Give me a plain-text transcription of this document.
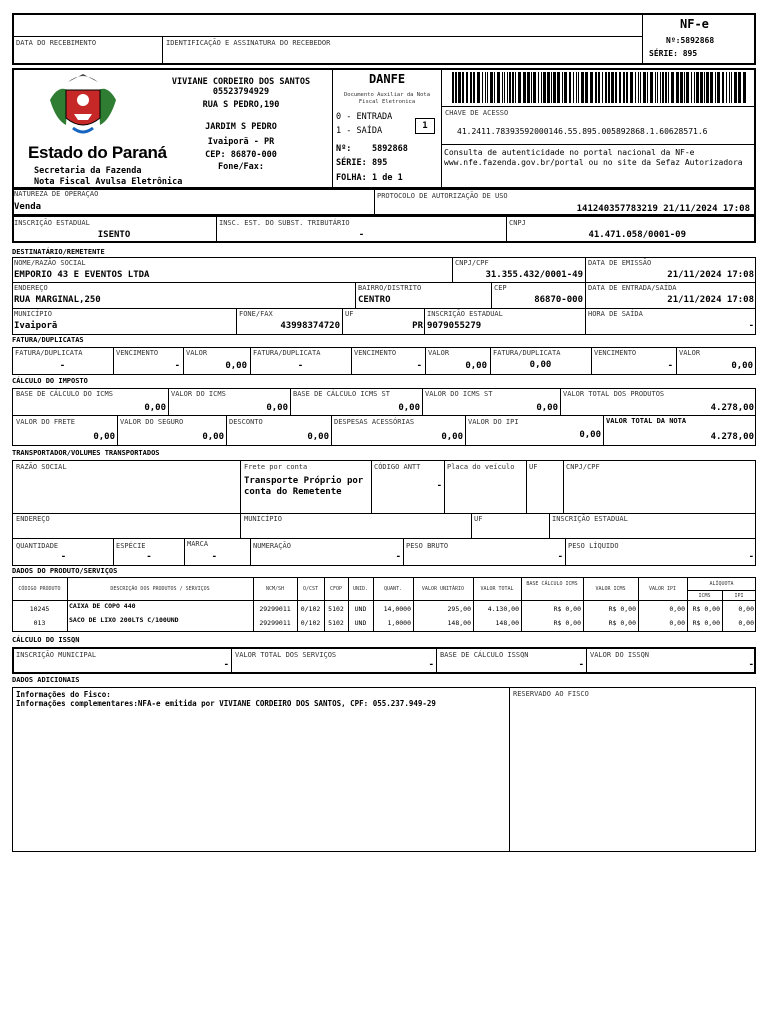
DATA DO RECEBIMENTO	IDENTIFICAÇÃO E ASSINATURA DO RECEBEDOR
NF-e
Nº:5892868
SÉRIE: 895
Estado do Paraná
Secretaria da Fazenda
Nota Fiscal Avulsa Eletrônica
VIVIANE CORDEIRO DOS SANTOS
05523794929
RUA S PEDRO,190
JARDIM S PEDRO
Ivaiporã - PR
CEP: 86870-000
Fone/Fax:
DANFE
Documento Auxiliar da Nota Fiscal Eletronica
0 - ENTRADA
1 - SAÍDA	1
Nº: 5892868
SÉRIE: 895
FOLHA: 1 de 1
CHAVE DE ACESSO
41.2411.78393592000146.55.895.005892868.1.60628571.6
Consulta de autenticidade no portal nacional da NF-e www.nfe.fazenda.gov.br/portal ou no site da Sefaz Autorizadora
NATUREZA DE OPERAÇÃO
Venda
PROTOCOLO DE AUTORIZAÇÃO DE USO
141240357783219 21/11/2024 17:08
INSCRIÇÃO ESTADUAL
ISENTO
INSC. EST. DO SUBST. TRIBUTÁRIO
-
CNPJ
41.471.058/0001-09
DESTINATÁRIO/REMETENTE
NOME/RAZÃO SOCIAL
EMPORIO 43 E EVENTOS LTDA
CNPJ/CPF
31.355.432/0001-49
DATA DE EMISSÃO
21/11/2024 17:08
ENDEREÇO
RUA MARGINAL,250
BAIRRO/DISTRITO
CENTRO
CEP
86870-000
DATA DE ENTRADA/SAÍDA
21/11/2024 17:08
MUNICÍPIO
Ivaiporã
FONE/FAX
43998374720
UF
PR
INSCRIÇÃO ESTADUAL
9079055279
HORA DE SAÍDA
-
FATURA/DUPLICATAS
FATURA/DUPLICATA
-
VENCIMENTO
-
VALOR
0,00
FATURA/DUPLICATA
-
VENCIMENTO
-
VALOR
0,00
FATURA/DUPLICATA
0,00
VENCIMENTO
-
VALOR
0,00
CÁLCULO DO IMPOSTO
BASE DE CÁLCULO DO ICMS
0,00
VALOR DO ICMS
0,00
BASE DE CÁLCULO ICMS ST
0,00
VALOR DO ICMS ST
0,00
VALOR TOTAL DOS PRODUTOS
4.278,00
VALOR DO FRETE
0,00
VALOR DO SEGURO
0,00
DESCONTO
0,00
DESPESAS ACESSÓRIAS
0,00
VALOR DO IPI
0,00
VALOR TOTAL DA NOTA
4.278,00
TRANSPORTADOR/VOLUMES TRANSPORTADOS
RAZÃO SOCIAL	Frete por conta
Transporte Próprio por conta do Remetente
CÓDIGO ANTT
-
Placa do veículo UF	CNPJ/CPF
ENDEREÇO	MUNICÍPIO	UF	INSCRIÇÃO ESTADUAL
QUANTIDADE
-
ESPÉCIE
-
MARCA
-
NUMERAÇÃO
-
PESO BRUTO
-
PESO LÍQUIDO
-
DADOS DO PRODUTO/SERVIÇOS
CÓDIGO PRODUTO	DESCRIÇÃO DOS PRODUTOS / SERVIÇOS	NCM/SH	O/CST	CFOP	UNID.	QUANT.	VALOR UNITÁRIO	VALOR TOTAL
BASE CÁLCULO ICMS
VALOR ICMS	VALOR IPI
ALÍQUOTA
ICMS	IPI
10245	CAIXA DE COPO 440	29299011	0/102	5102	UND	14,0000	295,00	4.130,00	R$ 0,00	R$ 0,00	0,00	R$ 0,00	0,00
013	SACO DE LIXO 200LTS C/100UND	29299011	0/102	5102	UND	1,0000	148,00	148,00	R$ 0,00	R$ 0,00	0,00	R$ 0,00	0,00
CÁLCULO DO ISSQN
INSCRIÇÃO MUNICIPAL
-
VALOR TOTAL DOS SERVIÇOS
-
BASE DE CÁLCULO ISSQN
-
VALOR DO ISSQN
-
DADOS ADICIONAIS
Informações do Fisco:
Informações complementares:NFA-e emitida por VIVIANE CORDEIRO DOS SANTOS, CPF: 055.237.949-29
RESERVADO AO FISCO
